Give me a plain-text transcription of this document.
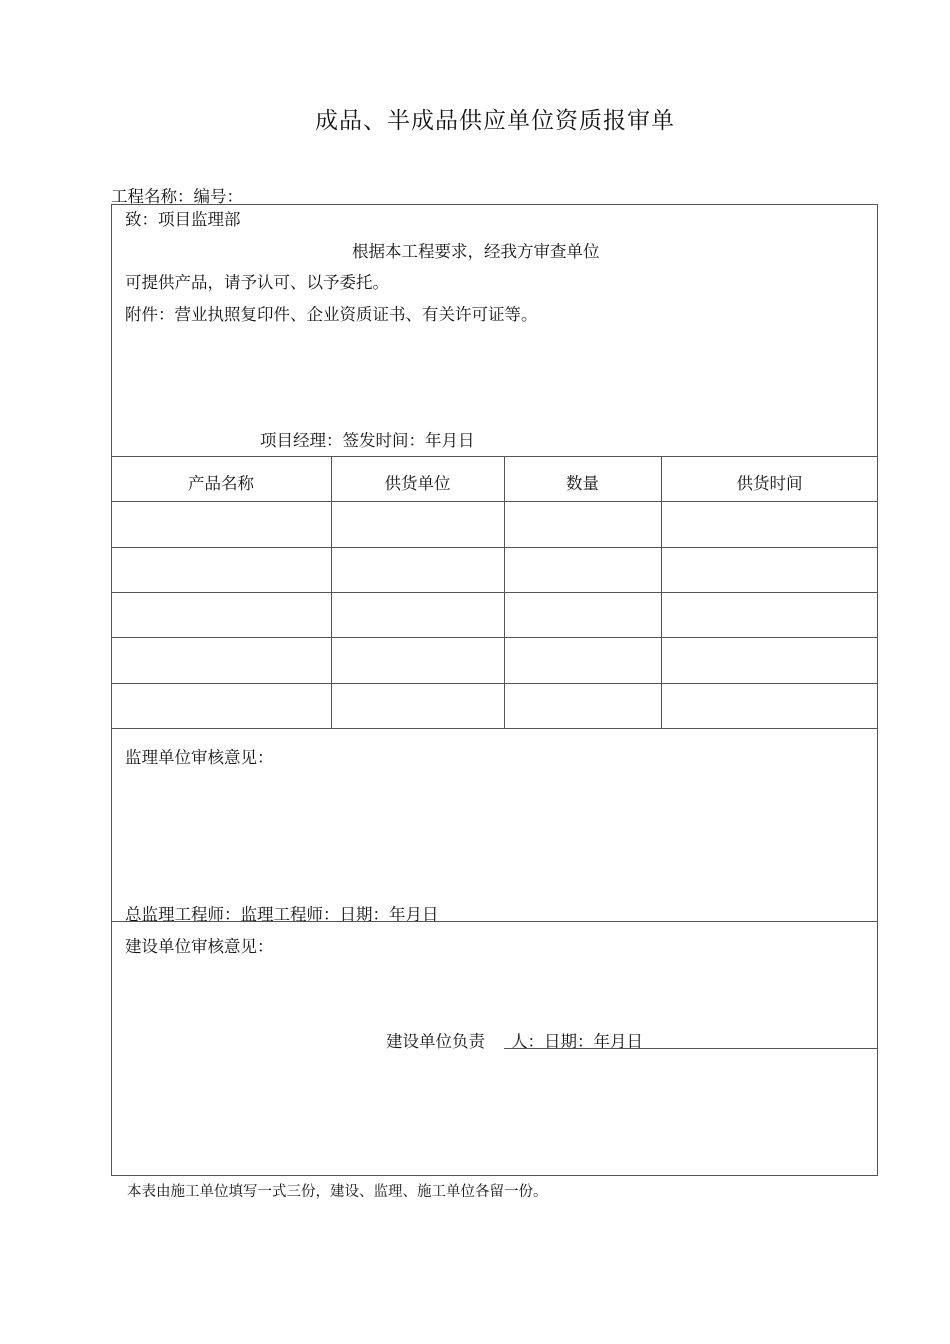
成品、半成品供应单位资质报审单
工程名称：编号：
致：项目监理部
根据本工程要求，经我方审查单位
可提供产品，请予认可、以予委托。
附件：营业执照复印件、企业资质证书、有关许可证等。
项目经理：签发时间：年月日
产品名称	供货单位	数量	供货时间
监理单位审核意见：
总监理工程师：监理工程师：日期：年月日
建设单位审核意见：
建设单位负责 人：日期：年月日
本表由施工单位填写一式三份，建设、监理、施工单位各留一份。
